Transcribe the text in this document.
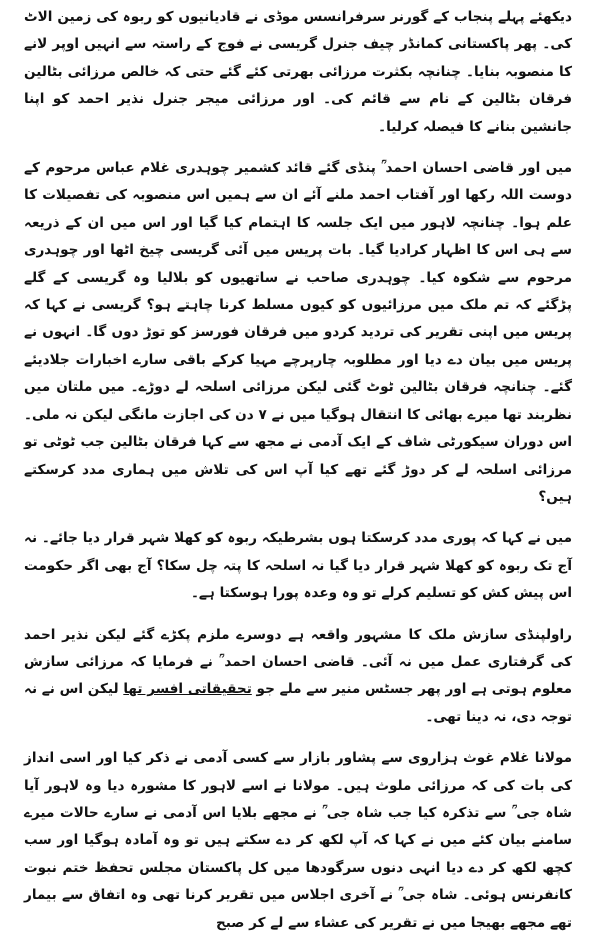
دیکھئے پہلے پنجاب کے گورنر سرفرانسس موڈی نے قادیانیوں کو ربوہ کی زمین الاٹ کی۔ پھر پاکستانی کمانڈر چیف جنرل گریسی نے فوج کے راستہ سے انہیں اوپر لانے کا منصوبہ بنایا۔ چنانچہ بکثرت مرزائی بھرتی کئے گئے حتی کہ خالص مرزائی بٹالین فرقان بٹالین کے نام سے قائم کی۔ اور مرزائی میجر جنرل نذیر احمد کو اپنا جانشین بنانے کا فیصلہ کرلیا۔

میں اور قاضی احسان احمد ؒ پنڈی گئے قائد کشمیر چوہدری غلام عباس مرحوم کے دوست اللہ رکھا اور آفتاب احمد ملنے آئے ان سے ہمیں اس منصوبہ کی تفصیلات کا علم ہوا۔ چنانچہ لاہور میں ایک جلسہ کا اہتمام کیا گیا اور اس میں ان کے ذریعہ سے ہی اس کا اظہار کرادیا گیا۔ بات پریس میں آئی گریسی چیخ اٹھا اور چوہدری مرحوم سے شکوہ کیا۔ چوہدری صاحب نے ساتھیوں کو بلالیا وہ گریسی کے گلے پڑگئے کہ تم ملک میں مرزائیوں کو کیوں مسلط کرنا چاہتے ہو؟ گریسی نے کہا کہ پریس میں اپنی تقریر کی تردید کردو میں فرقان فورسز کو توڑ دوں گا۔ انہوں نے پریس میں بیان دے دیا اور مطلوبہ چارپرچے مہیا کرکے باقی سارے اخبارات جلادیئے گئے۔ چنانچہ فرقان بٹالین ٹوٹ گئی لیکن مرزائی اسلحہ لے دوڑے۔ میں ملتان میں نظربند تھا میرے بھائی کا انتقال ہوگیا میں نے ۷ دن کی اجازت مانگی لیکن نہ ملی۔ اس دوران سیکورٹی شاف کے ایک آدمی نے مجھ سے کہا فرقان بٹالین جب ٹوٹی تو مرزائی اسلحہ لے کر دوڑ گئے تھے کیا آپ اس کی تلاش میں ہماری مدد کرسکتے ہیں؟

میں نے کہا کہ پوری مدد کرسکتا ہوں بشرطیکہ ربوہ کو کھلا شہر قرار دیا جائے۔ نہ آج تک ربوہ کو کھلا شہر قرار دیا گیا نہ اسلحہ کا پتہ چل سکا؟ آج بھی اگر حکومت اس پیش کش کو تسلیم کرلے تو وہ وعدہ پورا ہوسکتا ہے۔

راولپنڈی سازش ملک کا مشہور واقعہ ہے دوسرے ملزم پکڑے گئے لیکن نذیر احمد کی گرفتاری عمل میں نہ آئی۔ قاضی احسان احمد ؒ نے فرمایا کہ مرزائی سازش معلوم ہوتی ہے اور پھر جسٹس منیر سے ملے جو تحقیقاتی افسر تھا لیکن اس نے نہ توجہ دی، نہ دینا تھی۔

مولانا غلام غوث ہزاروی سے پشاور بازار سے کسی آدمی نے ذکر کیا اور اسی انداز کی بات کی کہ مرزائی ملوث ہیں۔ مولانا نے اسے لاہور کا مشورہ دیا وہ لاہور آیا شاہ جی ؒ سے تذکرہ کیا جب شاہ جی ؒ نے مجھے بلایا اس آدمی نے سارے حالات میرے سامنے بیان کئے میں نے کہا کہ آپ لکھ کر دے سکتے ہیں تو وہ آمادہ ہوگیا اور سب کچھ لکھ کر دے دیا انہی دنوں سرگودھا میں کل پاکستان مجلس تحفظ ختم نبوت کانفرنس ہوئی۔ شاہ جی ؒ نے آخری اجلاس میں تقریر کرنا تھی وہ اتفاق سے بیمار تھے مجھے بھیجا میں نے تقریر کی عشاء سے لے کر صبح
